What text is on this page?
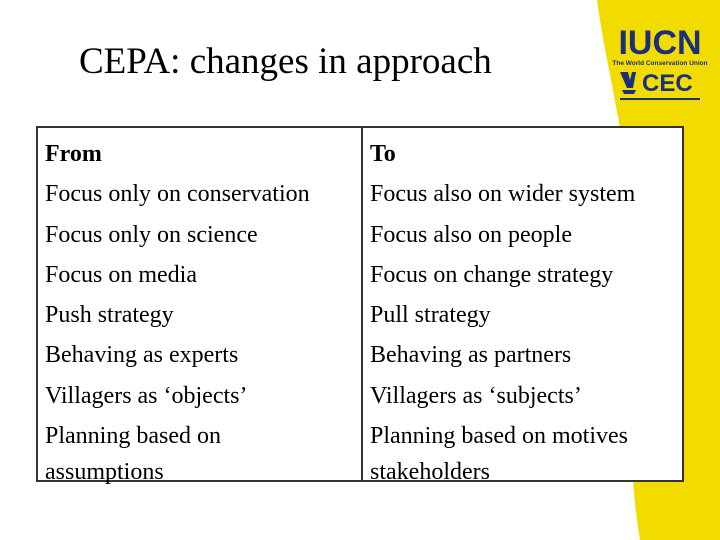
CEPA: changes in approach	IUCN
The World Conservation Union
CEC
From
Focus only on conservation
Focus only on science
Focus on media
Push strategy
Behaving as experts
Villagers as ‘objects’
Planning based on
assumptions
To
Focus also on wider system
Focus also on people
Focus on change strategy
Pull strategy
Behaving as partners
Villagers as ‘subjects’
Planning based on motives
stakeholders
